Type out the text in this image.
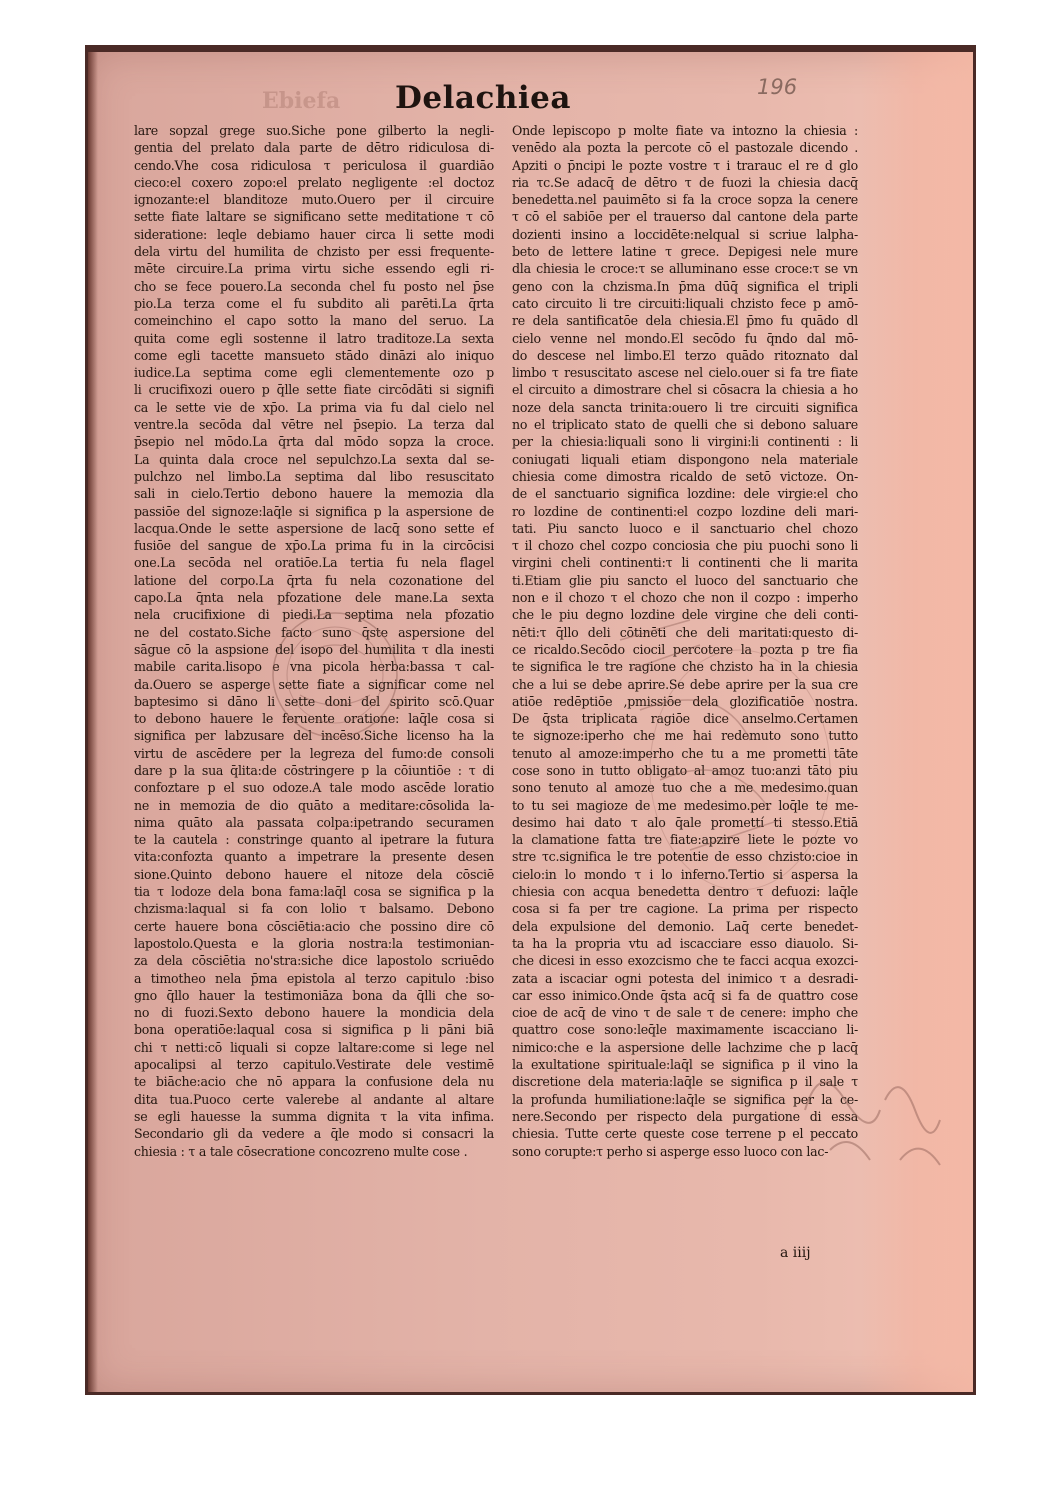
Ebiefa	Delachiea	196
lare sopzal grege suo.Siche pone gilberto la negli-
gentia del prelato dala parte de dētro ridiculosa di-
cendo.Vhe cosa ridiculosa τ periculosa il guardiāo
cieco:el coxero zopo:el prelato negligente :el doctoz
ignozante:el blanditoze muto.Ouero per il circuire
sette fiate laltare se significano sette meditatione τ cō
sideratione: leqle debiamo hauer circa li sette modi
dela virtu del humilita de chzisto per essi frequente-
mēte circuire.La prima virtu siche essendo egli ri-
cho se fece pouero.La seconda chel fu posto nel p̄se
pio.La terza come el fu subdito ali parēti.La q̄rta
comeinchino el capo sotto la mano del seruo. La
quita come egli sostenne il latro traditoze.La sexta
come egli tacette mansueto stādo dināzi alo iniquo
iudice.La septima come egli clementemente ozo p
li crucifixozi ouero p q̄lle sette fiate circōdāti si signifi
ca le sette vie de xp̄o. La prima via fu dal cielo nel
ventre.la secōda dal vētre nel p̄sepio. La terza dal
p̄sepio nel mōdo.La q̄rta dal mōdo sopza la croce.
La quinta dala croce nel sepulchzo.La sexta dal se-
pulchzo nel limbo.La septima dal libo resuscitato
sali in cielo.Tertio debono hauere la memozia dla
passiōe del signoze:laq̄le si significa p la aspersione de
lacqua.Onde le sette aspersione de lacq̄ sono sette ef
fusiōe del sangue de xp̄o.La prima fu in la circōcisi
one.La secōda nel oratiōe.La tertia fu nela flagel
latione del corpo.La q̄rta fu nela cozonatione del
capo.La q̄nta nela pfozatione dele mane.La sexta
nela crucifixione di piedi.La septima nela pfozatio
ne del costato.Siche facto suno q̄ste aspersione del
sāgue cō la aspsione del isopo del humilita τ dla inesti
mabile carita.lisopo e vna picola herba:bassa τ cal-
da.Ouero se asperge sette fiate a significar come nel
baptesimo si dāno li sette doni del spirito scō.Quar
to debono hauere le feruente oratione: laq̄le cosa si
significa per labzusare del incēso.Siche licenso ha la
virtu de ascēdere per la legreza del fumo:de consoli
dare p la sua q̄lita:de cōstringere p la cōiuntiōe : τ di
confoztare p el suo odoze.A tale modo ascēde loratio
ne in memozia de dio quāto a meditare:cōsolida la-
nima quāto ala passata colpa:ipetrando securamen
te la cautela : constringe quanto al ipetrare la futura
vita:confozta quanto a impetrare la presente desen
sione.Quinto debono hauere el nitoze dela cōsciē
tia τ lodoze dela bona fama:laq̄l cosa se significa p la
chzisma:laqual si fa con lolio τ balsamo. Debono
certe hauere bona cōsciētia:acio che possino dire cō
lapostolo.Questa e la gloria nostra:la testimonian-
za dela cōsciētia no'stra:siche dice lapostolo scriuēdo
a timotheo nela p̄ma epistola al terzo capitulo :biso
gno q̄llo hauer la testimoniāza bona da q̄lli che so-
no di fuozi.Sexto debono hauere la mondicia dela
bona operatiōe:laqual cosa si significa p li pāni biā
chi τ netti:cō liquali si copze laltare:come si lege nel
apocalipsi al terzo capitulo.Vestirate dele vestimē
te biāche:acio che nō appara la confusione dela nu
dita tua.Puoco certe valerebe al andante al altare
se egli hauesse la summa dignita τ la vita infima.
Secondario gli da vedere a q̄le modo si consacri la
chiesia : τ a tale cōsecratione concozreno multe cose .
Onde lepiscopo p molte fiate va intozno la chiesia :
venēdo ala pozta la percote cō el pastozale dicendo .
Apziti o p̄ncipi le pozte vostre τ i trarauc el re d glo
ria τc.Se adacq̄ de dētro τ de fuozi la chiesia dacq̄
benedetta.nel pauimēto si fa la croce sopza la cenere
τ cō el sabiōe per el trauerso dal cantone dela parte
dozienti insino a loccidēte:nelqual si scriue lalpha-
beto de lettere latine τ grece. Depigesi nele mure
dla chiesia le croce:τ se alluminano esse croce:τ se vn
geno con la chzisma.In p̄ma dūq̄ significa el tripli
cato circuito li tre circuiti:liquali chzisto fece p amō-
re dela santificatōe dela chiesia.El p̄mo fu quādo dl
cielo venne nel mondo.El secōdo fu q̄ndo dal mō-
do descese nel limbo.El terzo quādo ritoznato dal
limbo τ resuscitato ascese nel cielo.ouer si fa tre fiate
el circuito a dimostrare chel si cōsacra la chiesia a ho
noze dela sancta trinita:ouero li tre circuiti significa
no el triplicato stato de quelli che si debono saluare
per la chiesia:liquali sono li virgini:li continenti : li
coniugati liquali etiam dispongono nela materiale
chiesia come dimostra ricaldo de setō victoze. On-
de el sanctuario significa lozdine: dele virgie:el cho
ro lozdine de continenti:el cozpo lozdine deli mari-
tati. Piu sancto luoco e il sanctuario chel chozo
τ il chozo chel cozpo conciosia che piu puochi sono li
virgini cheli continenti:τ li continenti che li marita
ti.Etiam glie piu sancto el luoco del sanctuario che
non e il chozo τ el chozo che non il cozpo : imperho
che le piu degno lozdine dele virgine che deli conti-
nēti:τ q̄llo deli cōtinēti che deli maritati:questo di-
ce ricaldo.Secōdo ciocil percotere la pozta p tre fia
te significa le tre ragione che chzisto ha in la chiesia
che a lui se debe aprire.Se debe aprire per la sua cre
atiōe redēptiōe ,pmissiōe dela glozificatiōe nostra.
De q̄sta triplicata ragiōe dice anselmo.Certamen
te signoze:iperho che me hai redemuto sono tutto
tenuto al amoze:imperho che tu a me prometti tāte
cose sono in tutto obligato al amoz tuo:anzi tāto piu
sono tenuto al amoze tuo che a me medesimo.quan
to tu sei magioze de me medesimo.per loq̄le te me-
desimo hai dato τ alo q̄ale promettí ti stesso.Etiā
la clamatione fatta tre fiate:apzire liete le pozte vo
stre τc.significa le tre potentie de esso chzisto:cioe in
cielo:in lo mondo τ i lo inferno.Tertio si aspersa la
chiesia con acqua benedetta dentro τ defuozi: laq̄le
cosa si fa per tre cagione. La prima per rispecto
dela expulsione del demonio. Laq̄ certe benedet-
ta ha la propria vtu ad iscacciare esso diauolo. Si-
che dicesi in esso exozcismo che te facci acqua exozci-
zata a iscaciar ogni potesta del inimico τ a desradi-
car esso inimico.Onde q̄sta acq̄ si fa de quattro cose
cioe de acq̄ de vino τ de sale τ de cenere: impho che
quattro cose sono:leq̄le maximamente iscacciano li-
nimico:che e la aspersione delle lachzime che p lacq̄
la exultatione spirituale:laq̄l se significa p il vino la
discretione dela materia:laq̄le se significa p il sale τ
la profunda humiliatione:laq̄le se significa per la ce-
nere.Secondo per rispecto dela purgatione di essa
chiesia. Tutte certe queste cose terrene p el peccato
sono corupte:τ perho si asperge esso luoco con lac-
a iiij
